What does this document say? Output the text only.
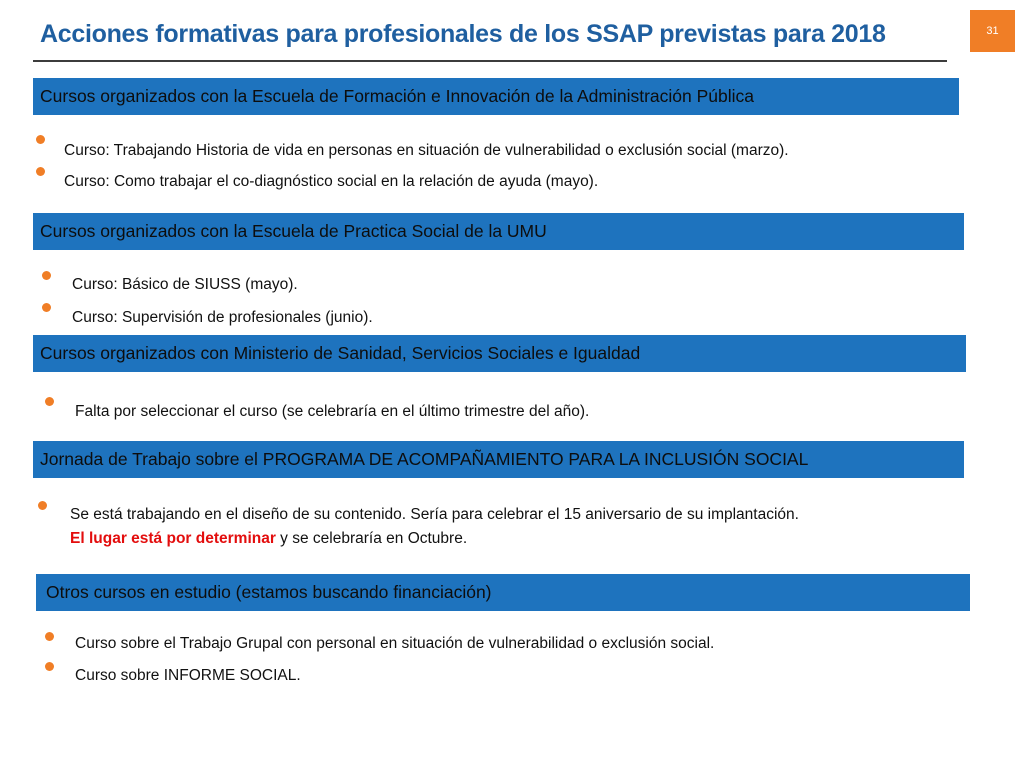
Acciones formativas para profesionales de los SSAP previstas para 2018	31
Cursos organizados con la Escuela de Formación e Innovación de la Administración Pública
Curso: Trabajando Historia de vida en personas en situación de vulnerabilidad o exclusión social (marzo).
Curso: Como trabajar el co-diagnóstico social en la relación de ayuda (mayo).
Cursos organizados con la Escuela de Practica Social de la UMU
Curso: Básico de SIUSS (mayo).
Curso: Supervisión de profesionales (junio).
Cursos organizados con Ministerio de Sanidad, Servicios Sociales e Igualdad
Falta por seleccionar el curso (se celebraría en el último trimestre del año).
Jornada de Trabajo sobre el PROGRAMA DE ACOMPAÑAMIENTO PARA LA INCLUSIÓN SOCIAL
Se está trabajando en el diseño de su contenido. Sería para celebrar el 15 aniversario de su implantación.
El lugar está por determinar y se celebraría en Octubre.
Otros cursos en estudio (estamos buscando financiación)
Curso sobre el Trabajo Grupal con personal en situación de vulnerabilidad o exclusión social.
Curso sobre INFORME SOCIAL.
